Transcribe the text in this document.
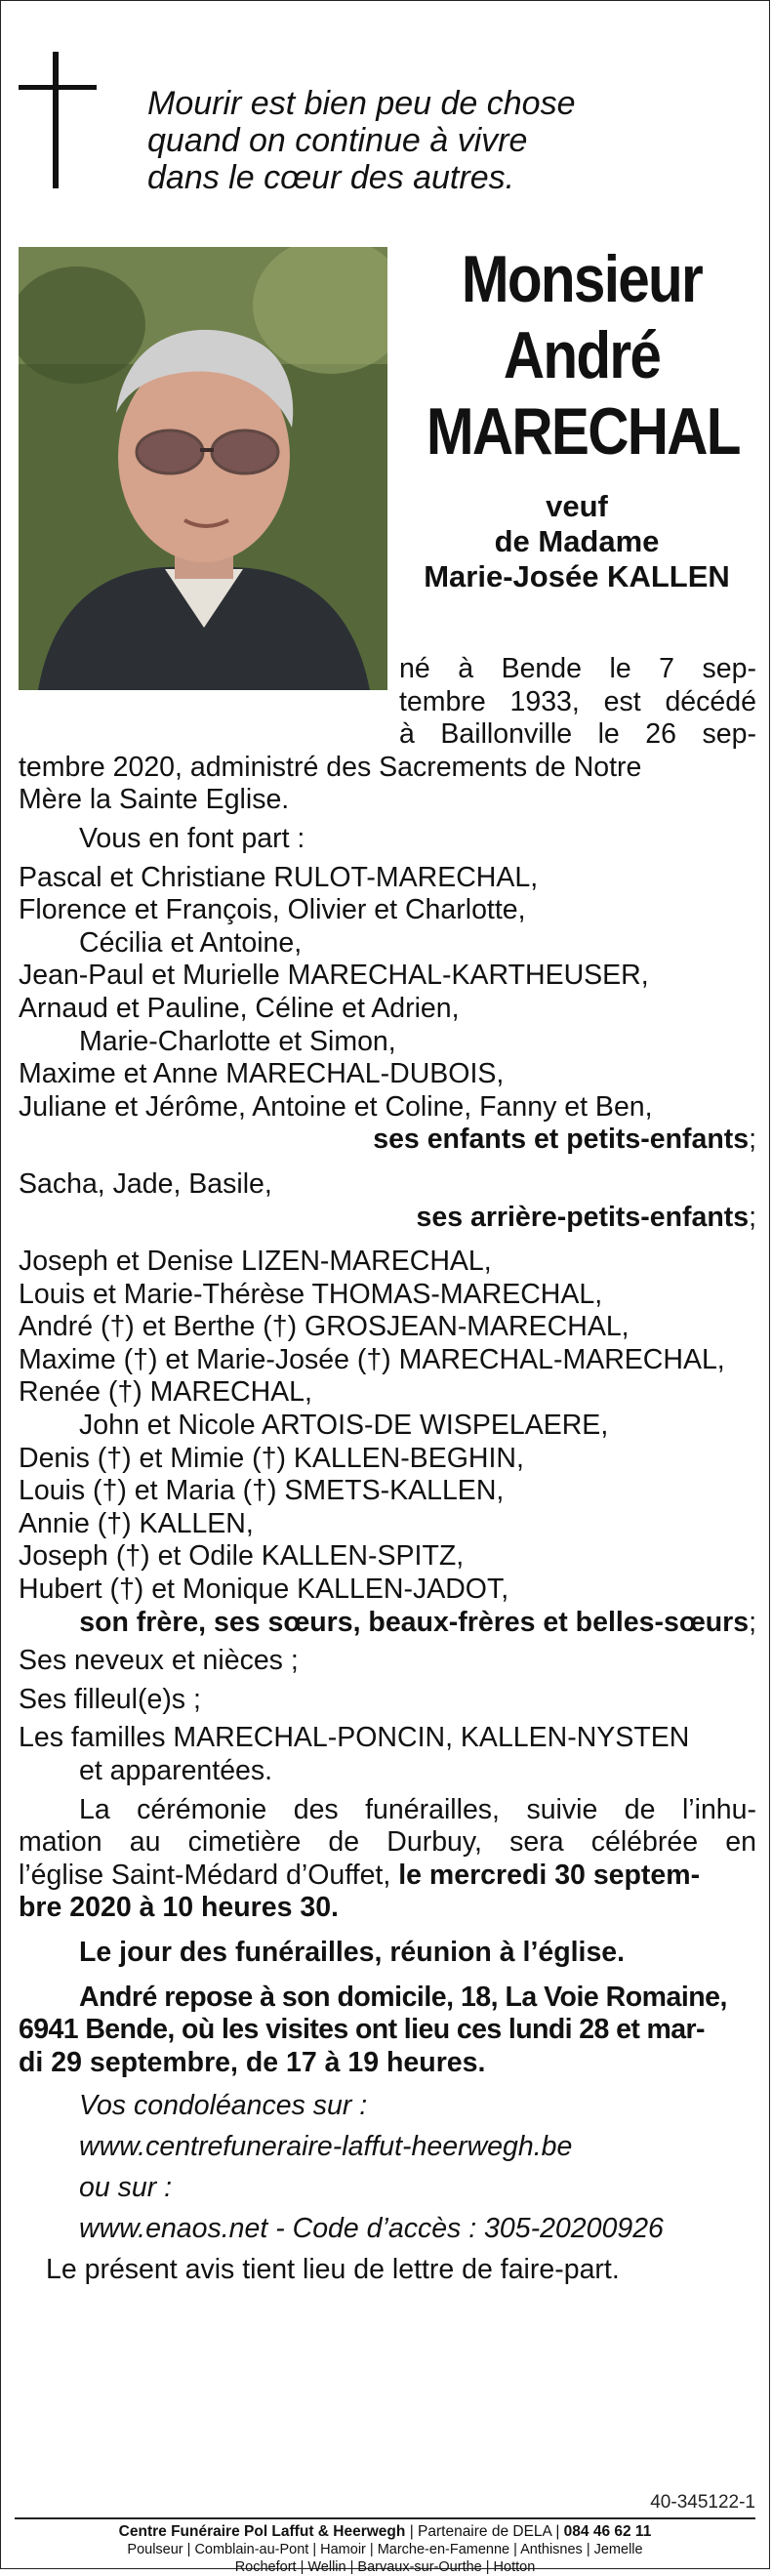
Mourir est bien peu de chose
quand on continue à vivre
dans le cœur des autres.
Monsieur
André
MARECHAL
veuf
de Madame
Marie-Josée KALLEN
né à Bende le 7 sep-
tembre 1933, est décédé
à Baillonville le 26 sep-
tembre 2020, administré des Sacrements de Notre
Mère la Sainte Eglise.
Vous en font part :
Pascal et Christiane RULOT-MARECHAL,
Florence et François, Olivier et Charlotte,
Cécilia et Antoine,
Jean-Paul et Murielle MARECHAL-KARTHEUSER,
Arnaud et Pauline, Céline et Adrien,
Marie-Charlotte et Simon,
Maxime et Anne MARECHAL-DUBOIS,
Juliane et Jérôme, Antoine et Coline, Fanny et Ben,
ses enfants et petits-enfants;
Sacha, Jade, Basile,
ses arrière-petits-enfants;
Joseph et Denise LIZEN-MARECHAL,
Louis et Marie-Thérèse THOMAS-MARECHAL,
André (†) et Berthe (†) GROSJEAN-MARECHAL,
Maxime (†) et Marie-Josée (†) MARECHAL-MARECHAL,
Renée (†) MARECHAL,
John et Nicole ARTOIS-DE WISPELAERE,
Denis (†) et Mimie (†) KALLEN-BEGHIN,
Louis (†) et Maria (†) SMETS-KALLEN,
Annie (†) KALLEN,
Joseph (†) et Odile KALLEN-SPITZ,
Hubert (†) et Monique KALLEN-JADOT,
son frère, ses sœurs, beaux-frères et belles-sœurs;
Ses neveux et nièces ;
Ses filleul(e)s ;
Les familles MARECHAL-PONCIN, KALLEN-NYSTEN
et apparentées.
La cérémonie des funérailles, suivie de l’inhu-
mation au cimetière de Durbuy, sera célébrée en
l’église Saint-Médard d’Ouffet, le mercredi 30 septem-
bre 2020 à 10 heures 30.
Le jour des funérailles, réunion à l’église.
André repose à son domicile, 18, La Voie Romaine,
6941 Bende, où les visites ont lieu ces lundi 28 et mar-
di 29 septembre, de 17 à 19 heures.
Vos condoléances sur :
www.centrefuneraire-laffut-heerwegh.be
ou sur :
www.enaos.net - Code d’accès : 305-20200926
Le présent avis tient lieu de lettre de faire-part.
40-345122-1
Centre Funéraire Pol Laffut & Heerwegh | Partenaire de DELA | 084 46 62 11
Poulseur | Comblain-au-Pont | Hamoir | Marche-en-Famenne | Anthisnes | Jemelle
Rochefort | Wellin | Barvaux-sur-Ourthe | Hotton
